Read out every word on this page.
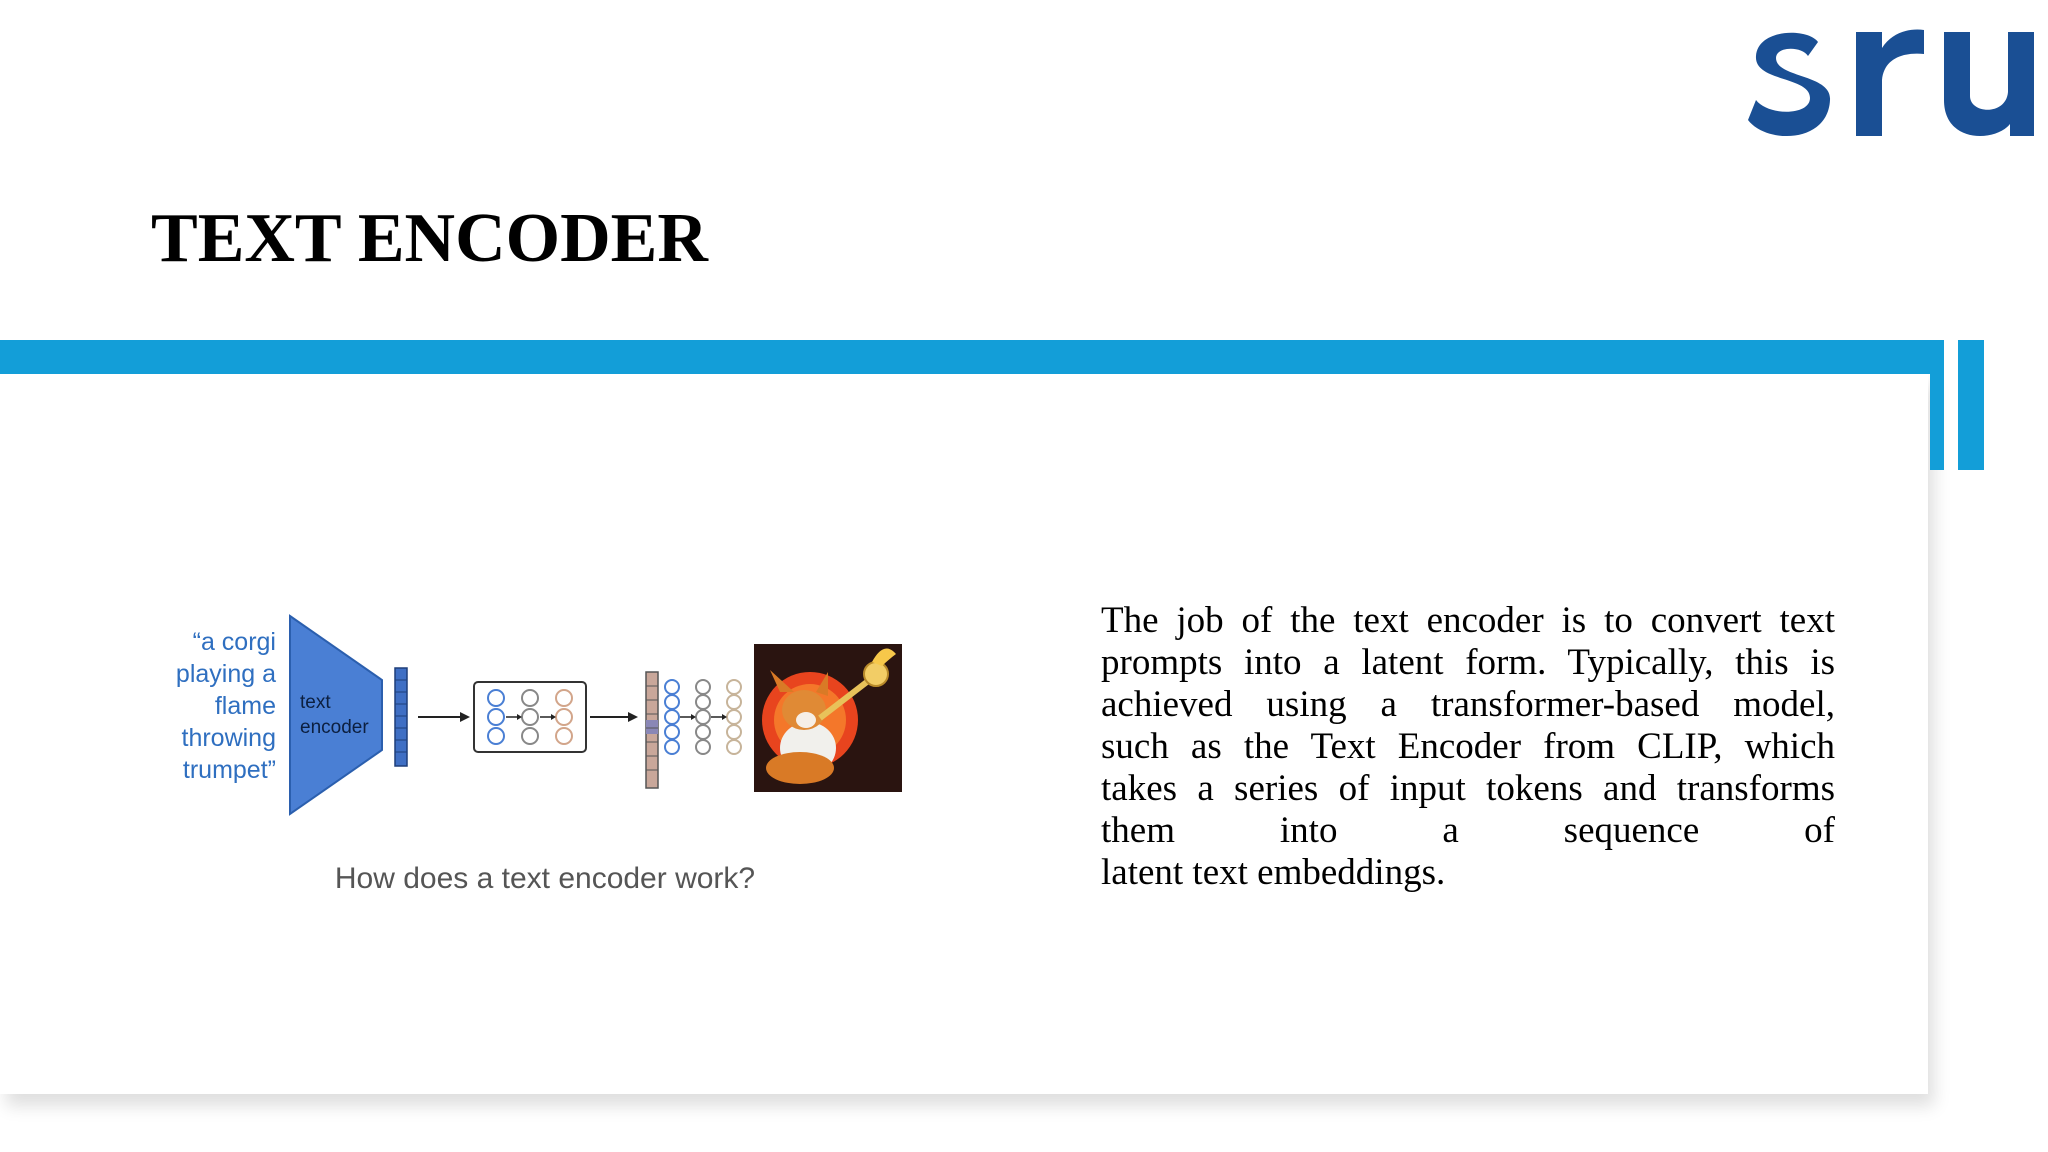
TEXT ENCODER
“a corgi
playing a
flame
throwing
trumpet”
text
encoder

How does a text encoder work?

The job of the text encoder is to convert text
prompts into a latent form. Typically, this is
achieved using a transformer-based model,
such as the Text Encoder from CLIP, which
takes a series of input tokens and transforms
them into a sequence of
latent text embeddings.
